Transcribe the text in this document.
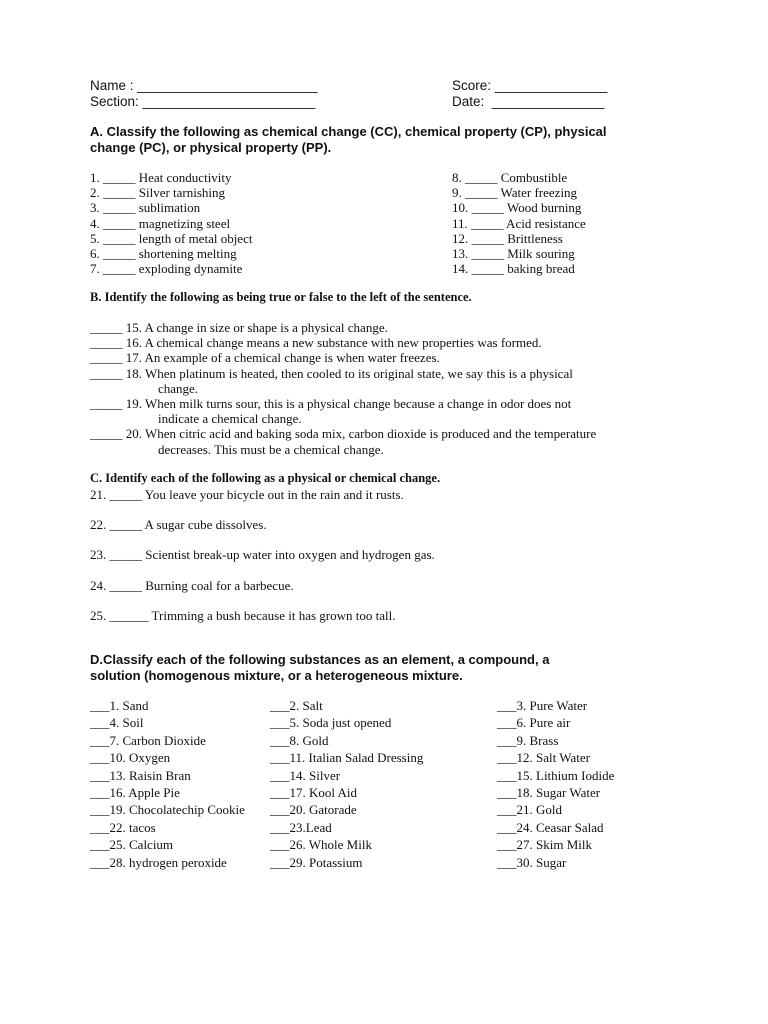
Name : ________________________
Section: _______________________
Score: _______________
Date:  _______________
A. Classify the following as chemical change (CC), chemical property (CP), physical change (PC), or physical property (PP).
1. _____ Heat conductivity
2. _____ Silver tarnishing
3. _____ sublimation
4. _____ magnetizing steel
5. _____ length of metal object
6. _____ shortening melting
7. _____ exploding dynamite
8. _____ Combustible
9. _____ Water freezing
10. _____ Wood burning
11. _____ Acid resistance
12. _____ Brittleness
13. _____ Milk souring
14. _____ baking bread
B. Identify the following as being true or false to the left of the sentence.
_____ 15. A change in size or shape is a physical change.
_____ 16. A chemical change means a new substance with new properties was formed.
_____ 17. An example of a chemical change is when water freezes.
_____ 18. When platinum is heated, then cooled to its original state, we say this is a physical
change.
_____ 19. When milk turns sour, this is a physical change because a change in odor does not
indicate a chemical change.
_____ 20. When citric acid and baking soda mix, carbon dioxide is produced and the temperature
decreases. This must be a chemical change.
C. Identify each of the following as a physical or chemical change.
21. _____ You leave your bicycle out in the rain and it rusts.
22. _____ A sugar cube dissolves.
23. _____ Scientist break-up water into oxygen and hydrogen gas.
24. _____ Burning coal for a barbecue.
25. ______ Trimming a bush because it has grown too tall.
D.Classify each of the following substances as an element, a compound, a
solution (homogenous mixture, or a heterogeneous mixture.
___1. Sand
___4. Soil
___7. Carbon Dioxide
___10. Oxygen
___13. Raisin Bran
___16. Apple Pie
___19. Chocolatechip Cookie
___22. tacos
___25. Calcium
___28. hydrogen peroxide
___2. Salt
___5. Soda just opened
___8. Gold
___11. Italian Salad Dressing
___14. Silver
___17. Kool Aid
___20. Gatorade
___23.Lead
___26. Whole Milk
___29. Potassium
___3. Pure Water
___6. Pure air
___9. Brass
___12. Salt Water
___15. Lithium Iodide
___18. Sugar Water
___21. Gold
___24. Ceasar Salad
___27. Skim Milk
___30. Sugar
